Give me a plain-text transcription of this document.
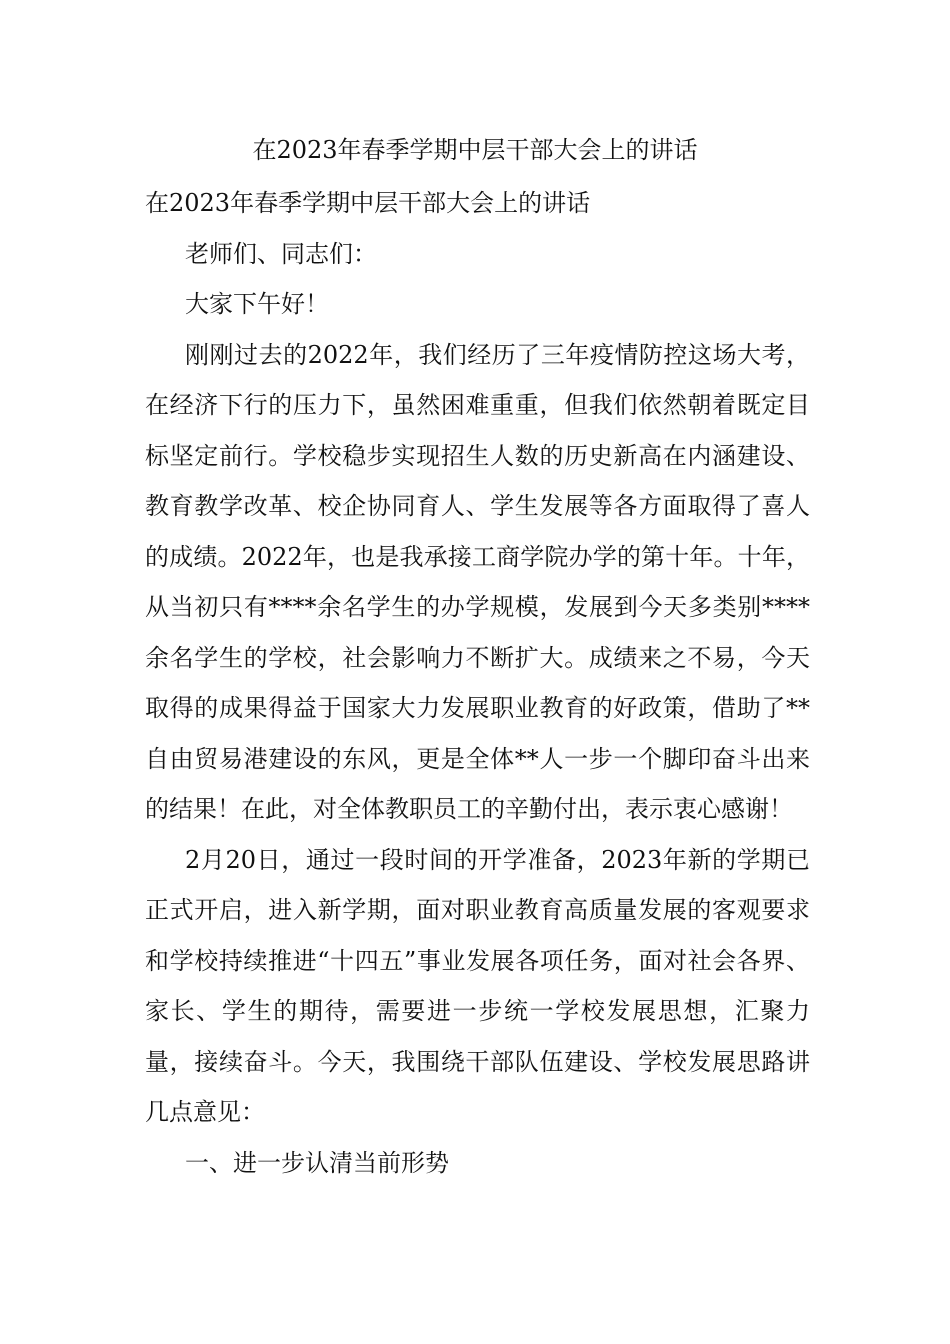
在2023年春季学期中层干部大会上的讲话

在2023年春季学期中层干部大会上的讲话

老师们、同志们：

大家下午好！

刚刚过去的2022年，我们经历了三年疫情防控这场大考，在经济下行的压力下，虽然困难重重，但我们依然朝着既定目标坚定前行。学校稳步实现招生人数的历史新高在内涵建设、教育教学改革、校企协同育人、学生发展等各方面取得了喜人的成绩。2022年，也是我承接工商学院办学的第十年。十年，从当初只有****余名学生的办学规模，发展到今天多类别****余名学生的学校，社会影响力不断扩大。成绩来之不易，今天取得的成果得益于国家大力发展职业教育的好政策，借助了**自由贸易港建设的东风，更是全体**人一步一个脚印奋斗出来的结果！在此，对全体教职员工的辛勤付出，表示衷心感谢！

2月20日，通过一段时间的开学准备，2023年新的学期已正式开启，进入新学期，面对职业教育高质量发展的客观要求和学校持续推进“十四五”事业发展各项任务，面对社会各界、家长、学生的期待，需要进一步统一学校发展思想，汇聚力量，接续奋斗。今天，我围绕干部队伍建设、学校发展思路讲几点意见：

一、进一步认清当前形势
